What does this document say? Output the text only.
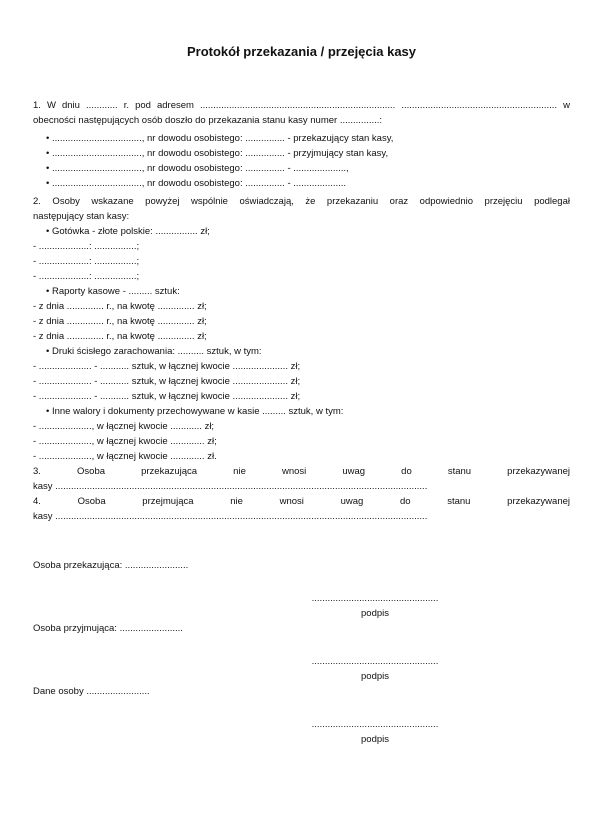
Protokół przekazania / przejęcia kasy
1. W dniu ............ r. pod adresem .......................................................................... ........................................................... w
obecności następujących osób doszło do przekazania stanu kasy numer ...............:
• .................................., nr dowodu osobistego: ............... - przekazujący stan kasy,
• .................................., nr dowodu osobistego: ............... - przyjmujący stan kasy,
• .................................., nr dowodu osobistego: ............... - ....................,
• .................................., nr dowodu osobistego: ............... - ....................
2. Osoby wskazane powyżej wspólnie oświadczają, że przekazaniu oraz odpowiednio przejęciu podlegał
następujący stan kasy:
• Gotówka - złote polskie: ................ zł;
- ...................: ................;
- ...................: ................;
- ...................: ................;
• Raporty kasowe - ......... sztuk:
- z dnia .............. r., na kwotę .............. zł;
- z dnia .............. r., na kwotę .............. zł;
- z dnia .............. r., na kwotę .............. zł;
• Druki ścisłego zarachowania: .......... sztuk, w tym:
- .................... - ........... sztuk, w łącznej kwocie ..................... zł;
- .................... - ........... sztuk, w łącznej kwocie ..................... zł;
- .................... - ........... sztuk, w łącznej kwocie ..................... zł;
• Inne walory i dokumenty przechowywane w kasie ......... sztuk, w tym:
- ...................., w łącznej kwocie ............ zł;
- ...................., w łącznej kwocie ............. zł;
- ...................., w łącznej kwocie ............. zł.
3. Osoba przekazująca nie wnosi uwag do stanu przekazywanej
kasy .............................................................................................................................................
4. Osoba przejmująca nie wnosi uwag do stanu przekazywanej
kasy .............................................................................................................................................
Osoba przekazująca: ........................
................................................
podpis
Osoba przyjmująca: ........................
................................................
podpis
Dane osoby ........................
................................................
podpis
